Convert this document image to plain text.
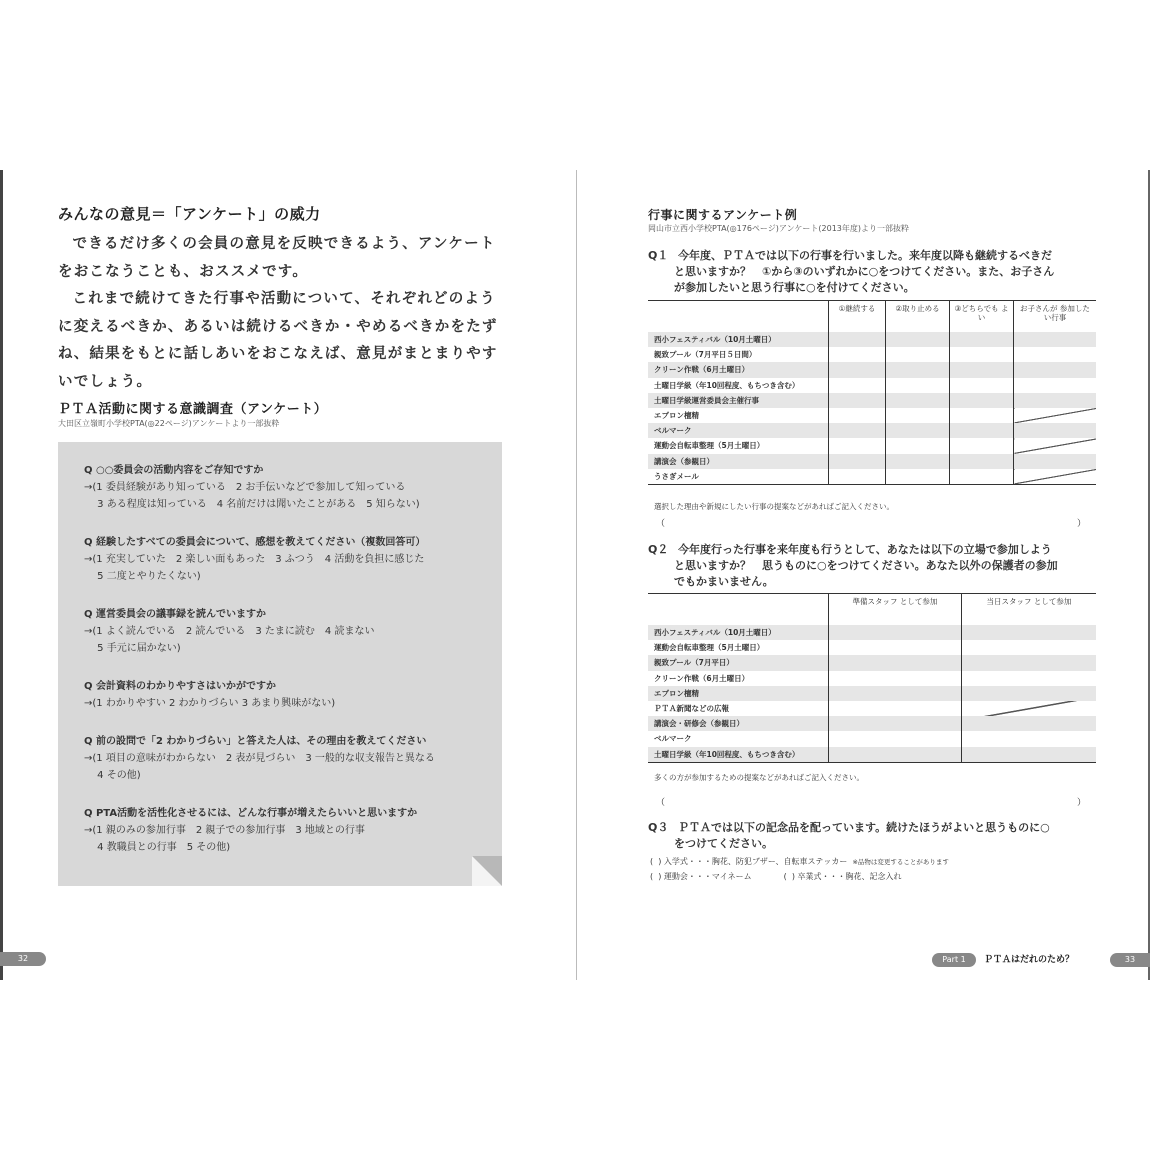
みんなの意見＝「アンケート」の威力

できるだけ多くの会員の意見を反映できるよう、アンケートをおこなうことも、おススメです。

これまで続けてきた行事や活動について、それぞれどのように変えるべきか、あるいは続けるべきか・やめるべきかをたずね、結果をもとに話しあいをおこなえば、意見がまとまりやすいでしょう。

ＰＴＡ活動に関する意識調査（アンケート）
大田区立嶺町小学校PTA(◎22ページ)アンケートより一部抜粋
Q ○○委員会の活動内容をご存知ですか
→(1 委員経験があり知っている　2 お手伝いなどで参加して知っている
　 3 ある程度は知っている　4 名前だけは聞いたことがある　5 知らない)
Q 経験したすべての委員会について、感想を教えてください（複数回答可）
→(1 充実していた　2 楽しい面もあった　3 ふつう　4 活動を負担に感じた
　 5 二度とやりたくない)
Q 運営委員会の議事録を読んでいますか
→(1 よく読んでいる　2 読んでいる　3 たまに読む　4 読まない
　 5 手元に届かない)
Q 会計資料のわかりやすさはいかがですか
→(1 わかりやすい 2 わかりづらい 3 あまり興味がない)
Q 前の設問で「2 わかりづらい」と答えた人は、その理由を教えてください
→(1 項目の意味がわからない　2 表が見づらい　3 一般的な収支報告と異なる
　 4 その他)
Q PTA活動を活性化させるには、どんな行事が増えたらいいと思いますか
→(1 親のみの参加行事　2 親子での参加行事　3 地域との行事
　 4 教職員との行事　5 その他)
32
行事に関するアンケート例
岡山市立西小学校PTA(◎176ページ)アンケート(2013年度)より一部抜粋
Q１ 今年度、ＰＴＡでは以下の行事を行いました。来年度以降も継続するべきだ
と思いますか？　①から③のいずれかに○をつけてください。また、お子さん
が参加したいと思う行事に○を付けてください。
	①継続する	②取り止める	③どちらでも よい	お子さんが 参加したい行事
西小フェスティバル（10月土曜日）				
親致プール（7月平日５日間）				
クリーン作戦（6月土曜日）				
土曜日学級（年10回程度、もちつき含む）				
土曜日学級運営委員会主催行事				
エプロン檀精				
ベルマーク				
運動会自転車整理（5月土曜日）				
講演会（参観日）				
うさぎメール				
選択した理由や新規にしたい行事の提案などがあればご記入ください。
（	）
Q２ 今年度行った行事を来年度も行うとして、あなたは以下の立場で参加しよう
と思いますか？　思うものに○をつけてください。あなた以外の保護者の参加
でもかまいません。
	準備スタッフ として参加	当日スタッフ として参加
西小フェスティバル（10月土曜日）		
運動会自転車整理（5月土曜日）		
親致プール（7月平日）		
クリーン作戦（6月土曜日）		
エプロン檀精		
ＰＴＡ新聞などの広報		
講演会・研修会（参観日）		
ベルマーク		
土曜日学級（年10回程度、もちつき含む）		
多くの方が参加するための提案などがあればご記入ください。
（	）
Q３ ＰＴＡでは以下の記念品を配っています。続けたほうがよいと思うものに○
をつけてください。
(  ) 入学式・・・胸花、防犯ブザー、自転車ステッカー ※品物は変更することがあります
(  ) 運動会・・・マイネーム　　　　(  ) 卒業式・・・胸花、記念入れ
Part 1	ＰＴＡはだれのため？	33
